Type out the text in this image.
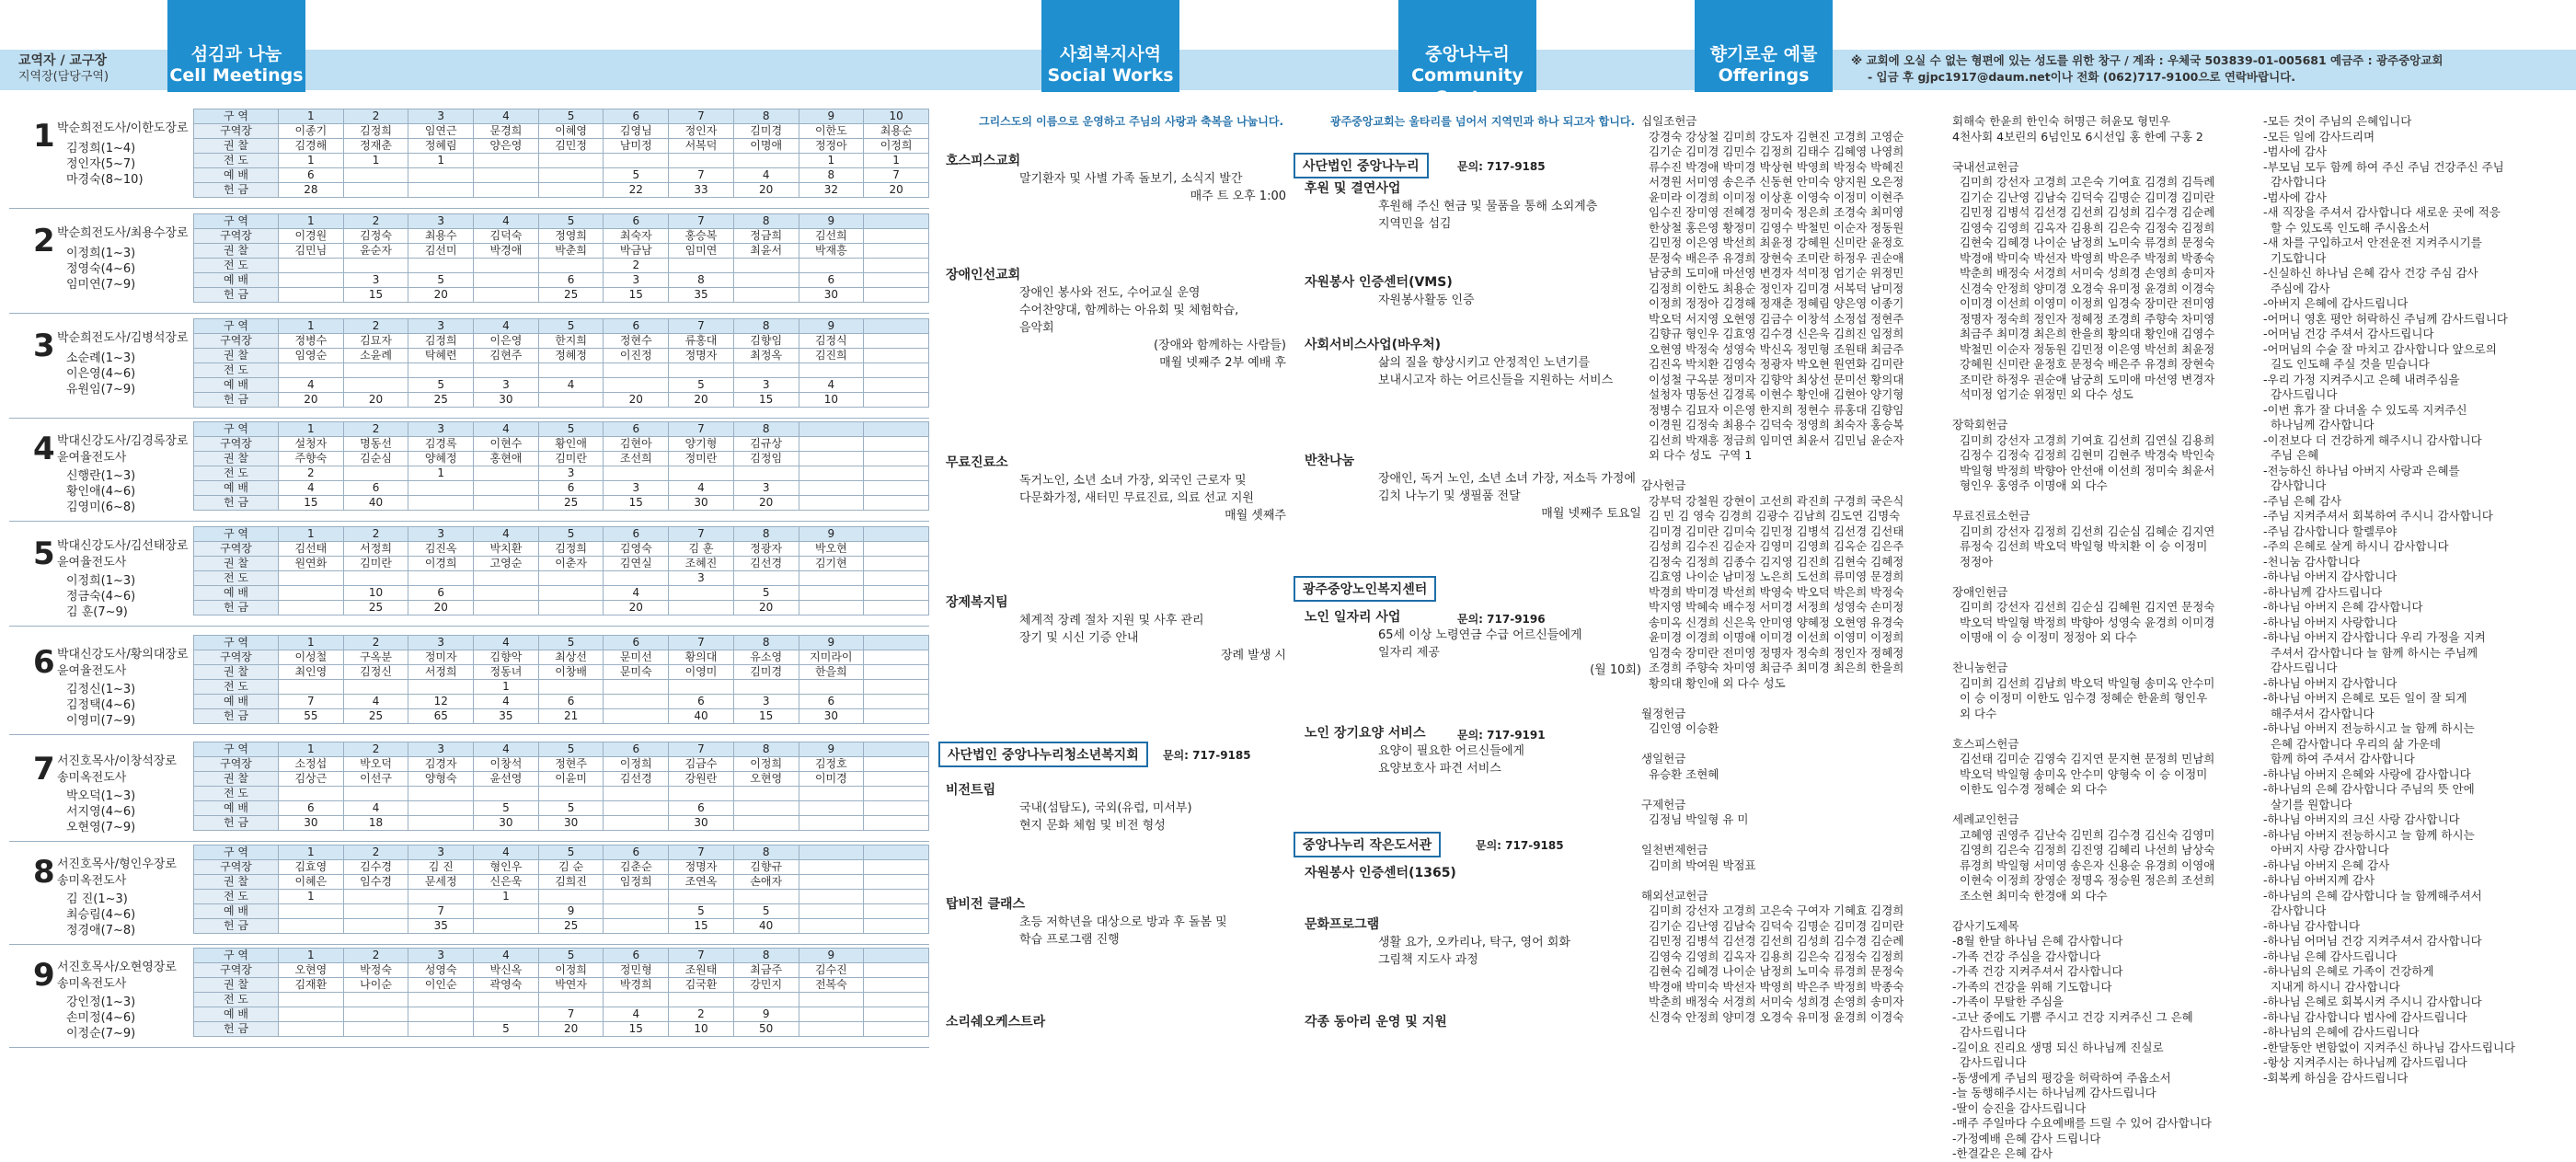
교역자 / 교구장
지역장(담당구역)
섬김과 나눔
Cell Meetings
사회복지사역
Social Works
중앙나누리
Community Center
향기로운 예물
Offerings
※ 교회에 오실 수 없는 형편에 있는 성도를 위한 창구 / 계좌 : 우체국 503839-01-005681 예금주 : 광주중앙교회
- 입금 후 gjpc1917@daum.net이나 전화 (062)717-9100으로 연락바랍니다.
1 박순희전도사/이한도장로
김정희(1~4)
정인자(5~7)
마경숙(8~10)
구 역	1	2	3	4	5	6	7	8	9	10
구역장	이종기	김정희	임연근	문경희	이혜영	김영님	정인자	김미경	이한도	최용순
권 찰	김경해	정재춘	정혜림	양은영	김민정	남미정	서복덕	이명애	정정아	이정희
전 도	1	1	1						1	1
예 배	6					5	7	4	8	7
헌 금	28					22	33	20	32	20
2 박순희전도사/최용수장로
이정희(1~3)
정영숙(4~6)
임미연(7~9)
구 역	1	2	3	4	5	6	7	8	9	
구역장	이경원	김정숙	최용수	김덕숙	정영희	최숙자	홍승복	정금희	김선희	
권 찰	김민님	윤순자	김선미	박경애	박춘희	박금남	임미연	최윤서	박재흥	
전 도						2				
예 배		3	5		6	3	8		6	
헌 금		15	20		25	15	35		30	
3 박순희전도사/김병석장로
소순례(1~3)
이은영(4~6)
유원임(7~9)
구 역	1	2	3	4	5	6	7	8	9	
구역장	정병수	김묘자	김정희	이은영	한지희	정현수	류홍대	김향임	김정식	
권 찰	임영순	소윤례	탁혜련	김현주	정혜정	이진정	정명자	최정옥	김진희	
전 도										
예 배	4		5	3	4		5	3	4	
헌 금	20	20	25	30		20	20	15	10	
4 박대신강도사/김경록장로
윤여율전도사
신행란(1~3)
황인애(4~6)
김영미(6~8)
구 역	1	2	3	4	5	6	7	8		
구역장	설청자	명동선	김경록	이현수	황인애	김현아	양기형	김규상		
권 찰	주향숙	김순심	양혜정	홍현애	김미란	조선희	정미란	김정임		
전 도	2		1		3					
예 배	4	6			6	3	4	3		
헌 금	15	40			25	15	30	20		
5 박대신강도사/김선태장로
윤여율전도사
이정희(1~3)
정금숙(4~6)
김 훈(7~9)
구 역	1	2	3	4	5	6	7	8	9	
구역장	김선태	서정희	김진옥	박치환	김정희	김영숙	김 훈	정광자	박오현	
권 찰	원연화	김미란	이경희	고영순	이춘자	김연실	조혜진	김선경	김기현	
전 도							3			
예 배		10	6			4		5		
헌 금		25	20			20		20		
6 박대신강도사/황의대장로
윤여율전도사
김정신(1~3)
김정택(4~6)
이영미(7~9)
구 역	1	2	3	4	5	6	7	8	9	
구역장	이성철	구옥분	정미자	김향악	최상선	문미선	황의대	유소영	지미라이	
권 찰	최인영	김정신	서정희	정동녀	이창배	문미숙	이영미	김미경	한을희	
전 도				1						
예 배	7	4	12	4	6		6	3	6	
헌 금	55	25	65	35	21		40	15	30	
7 서진호목사/이창석장로
송미옥전도사
박오덕(1~3)
서지영(4~6)
오현영(7~9)
구 역	1	2	3	4	5	6	7	8	9	
구역장	소정섭	박오덕	김경자	이창석	정현주	이정희	김금수	이정희	김정호	
권 찰	김상근	이선구	양형숙	윤선영	이윤미	김선경	강원란	오현영	이미경	
전 도										
예 배	6	4		5	5		6			
헌 금	30	18		30	30		30			
8 서진호목사/형인우장로
송미옥전도사
김 진(1~3)
최승림(4~6)
정경애(7~8)
구 역	1	2	3	4	5	6	7	8		
구역장	김효영	김수경	김 진	형인우	김 순	김춘순	정명자	김향규		
권 찰	이혜은	임수경	문세정	신은욱	김희진	임정희	조연옥	손애자		
전 도	1			1						
예 배			7		9		5	5		
헌 금			35		25		15	40		
9 서진호목사/오현영장로
송미옥전도사
강인정(1~3)
손미정(4~6)
이정순(7~9)
구 역	1	2	3	4	5	6	7	8	9	
구역장	오현영	박정숙	성영숙	박신옥	이정희	정민형	조원태	최금주	김수진	
권 찰	김재환	나이순	이인순	곽영숙	박연자	박경희	김국환	강민지	전복숙	
전 도										
예 배					7	4	2	9		
헌 금				5	20	15	10	50		
그리스도의 이름으로 운영하고 주님의 사랑과 축복을 나눕니다.
호스피스교회
말기환자 및 사별 가족 돌보기, 소식지 발간
매주 트 오후 1:00
장애인선교회
장애인 봉사와 전도, 수어교실 운영
수어찬양대, 함께하는 아유회 및 체험학습,
음악회
(장애와 함께하는 사람들)
매월 넷째주 2부 예배 후
무료진료소
독거노인, 소년 소녀 가장, 외국인 근로자 및
다문화가정, 새터민 무료진료, 의료 선교 지원
매월 셋째주
장제복지팀
체계적 장례 절차 지원 및 사후 관리
장기 및 시신 기증 안내
장례 발생 시
사단법인 중앙나누리청소년복지회	문의: 717-9185
비전트립
국내(섬탐도), 국외(유럽, 미서부)
현지 문화 체험 및 비전 형성
탑비전 클래스
초등 저학년을 대상으로 방과 후 돌봄 및
학습 프로그램 진행
소리쉐오케스트라
광주중앙교회는 울타리를 넘어서 지역민과 하나 되고자 합니다.
사단법인 중앙나누리	문의: 717-9185
후원 및 결연사업
후원해 주신 현금 및 물품을 통해 소외계층
지역민을 섬김
자원봉사 인증센터(VMS)
자원봉사활동 인증
사회서비스사업(바우처)
삶의 질을 향상시키고 안정적인 노년기를
보내시고자 하는 어르신들을 지원하는 서비스
반찬나눔
장애인, 독거 노인, 소년 소녀 가장, 저소득 가정에
김치 나누기 및 생필품 전달
매월 넷째주 토요일
광주중앙노인복지센터
노인 일자리 사업
65세 이상 노령연금 수급 어르신들에게
일자리 제공
(월 10회)
문의: 717-9196
노인 장기요양 서비스
요양이 필요한 어르신들에게
요양보호사 파견 서비스
문의: 717-9191
중앙나누리 작은도서관	문의: 717-9185
자원봉사 인증센터(1365)
문화프로그램
생활 요가, 오카리나, 탁구, 영어 회화
그림책 지도사 과정
각종 동아리 운영 및 지원
십일조헌금
강경숙 강상철 김미희 강도자 김현진 고경희 고영순
김기순 김미경 김민수 김정희 김태수 김혜영 나영희
류수진 박경애 박미경 박상현 박영희 박정숙 박혜진
서경원 서미영 송은주 신동현 안미숙 양지원 오은정
윤미라 이경희 이미정 이상훈 이영숙 이정미 이현주
임수진 장미영 전혜경 정미숙 정은희 조경숙 최미영
한상철 홍은영 황정미 김영수 박철민 이순자 정동원
김민정 이은영 박선희 최윤정 강혜원 신미란 윤정호
문정숙 배은주 유경희 장현숙 조미란 하정우 권순애
남궁희 도미애 마선영 변경자 석미정 엄기순 위정민
김정희 이한도 최용순 정인자 김미경 서복덕 남미정
이정희 정정아 김경해 정재춘 정혜림 양은영 이종기
박오덕 서지영 오현영 김금수 이창석 소정섭 정현주
김향규 형인우 김효영 김수경 신은욱 김희진 임정희
오현영 박정숙 성영숙 박신옥 정민형 조원태 최금주
김진옥 박치환 김영숙 정광자 박오현 원연화 김미란
이성철 구옥분 정미자 김향악 최상선 문미선 황의대
설청자 명동선 김경록 이현수 황인애 김현아 양기형
정병수 김묘자 이은영 한지희 정현수 류홍대 김향임
이경원 김정숙 최용수 김덕숙 정영희 최숙자 홍승복
김선희 박재흥 정금희 임미연 최윤서 김민님 윤순자
외 다수 성도  구역 1

감사헌금
강부덕 강철원 강현이 고선희 곽진희 구경희 국은식
김 민 김 영숙 김경희 김광수 김남희 김도연 김명숙
김미경 김미란 김미숙 김민정 김병석 김선경 김선태
김성희 김수진 김순자 김영미 김영희 김옥순 김은주
김정숙 김정희 김종수 김지영 김진희 김현숙 김혜정
김효영 나이순 남미정 노은희 도선희 류미영 문경희
박경희 박미경 박선희 박영숙 박오덕 박은희 박정숙
박지영 박혜숙 배수정 서미경 서정희 성영숙 손미정
송미옥 신경희 신은욱 안미영 양혜정 오현영 유경숙
윤미경 이경희 이명애 이미경 이선희 이영미 이정희
임경숙 장미란 전미영 정명자 정숙희 정인자 정혜정
조경희 주향숙 차미영 최금주 최미경 최은희 한을희
황의대 황인애 외 다수 성도

월정헌금
김인영 이승환

생일헌금
유승환 조현혜

구제헌금
김정님 박일형 유 미

일천번제헌금
김미희 박여원 박점표

해외선교헌금
김미희 강선자 고경희 고은숙 구여자 기혜효 김경희
김기순 김난영 김남숙 김덕숙 김명순 김미경 김미란
김민정 김병석 김선경 김선희 김성희 김수경 김순례
김영숙 김영희 김옥자 김용희 김은숙 김정숙 김정희
김현숙 김혜경 나이순 남정희 노미숙 류경희 문정숙
박경애 박미숙 박선자 박영희 박은주 박정희 박종숙
박춘희 배정숙 서경희 서미숙 성희경 손영희 송미자
신경숙 안정희 양미경 오경숙 유미정 윤경희 이경숙
회해숙 한윤희 한인숙 허명근 허윤모 형민우
4천사회 4보린의 6넘인모 6시선입 홍 한예 구홍 2

국내선교헌금
김미희 강선자 고경희 고은숙 기여효 김경희 김득례
김기순 김난영 김남숙 김덕숙 김명순 김미경 김미란
김민정 김병석 김선경 김선희 김성희 김수경 김순례
김영숙 김영희 김옥자 김용희 김은숙 김정숙 김정희
김현숙 김혜경 나이순 남정희 노미숙 류경희 문정숙
박경애 박미숙 박선자 박영희 박은주 박정희 박종숙
박춘희 배정숙 서경희 서미숙 성희경 손영희 송미자
신경숙 안정희 양미경 오경숙 유미정 윤경희 이경숙
이미경 이선희 이영미 이정희 임경숙 장미란 전미영
정명자 정숙희 정인자 정혜정 조경희 주향숙 차미영
최금주 최미경 최은희 한을희 황의대 황인애 김영수
박철민 이순자 정동원 김민정 이은영 박선희 최윤정
강혜원 신미란 윤정호 문정숙 배은주 유경희 장현숙
조미란 하정우 권순애 남궁희 도미애 마선영 변경자
석미정 엄기순 위정민 외 다수 성도

장학회헌금
김미희 강선자 고경희 기여효 김선희 김연실 김용희
김정수 김정숙 김정희 김현미 김현주 박경숙 박인숙
박일형 박정희 박향아 안선애 이선희 정미숙 최윤서
형인우 홍영주 이명애 외 다수

무료진료소헌금
김미희 강선자 김정희 김선희 김순심 김혜순 김지연
류정숙 김선희 박오덕 박일형 박치환 이 승 이정미
정정아

장애인헌금
김미희 강선자 김선희 김순심 김혜원 김지연 문정숙
박오덕 박일형 박정희 박향아 성영숙 윤경희 이미경
이명애 이 승 이정미 정정아 외 다수

찬니눔헌금
김미희 김선희 김남희 박오덕 박일형 송미옥 안수미
이 승 이정미 이한도 임수경 정혜순 한윤희 형인우
외 다수

호스피스헌금
김선태 김미순 김영숙 김지연 문지현 문정희 민남희
박오덕 박일형 송미옥 안수미 양형숙 이 승 이정미
이한도 임수경 정혜순 외 다수

세례교인헌금
고혜영 권영주 김난숙 김민희 김수경 김신숙 김영미
김영희 김은숙 김정희 김진영 김혜리 나선희 남상숙
류경희 박일형 서미영 송은자 신용순 유경희 이영애
이현숙 이정희 장영순 정명옥 정승원 정은희 조선희
조소현 최미숙 한경애 외 다수

감사기도제목
-8월 한달 하나님 은혜 감사합니다
-가족 건강 주심을 감사합니다
-가족 건강 지켜주셔서 감사합니다
-가족의 건강을 위해 기도합니다
-가족이 무탈한 주심을
-고난 중에도 기쁨 주시고 건강 지켜주신 그 은혜
감사드립니다
-길이요 진리요 생명 되신 하나님께 진실로
감사드립니다
-동생에게 주님의 평강을 허락하여 주옵소서
-늘 동행해주시는 하나님께 감사드립니다
-딸이 승진을 감사드립니다
-매주 주일마다 수요예배를 드릴 수 있어 감사합니다
-가정예배 은혜 감사 드립니다
-한결같은 은혜 감사
-모든 것이 주님의 은혜입니다
-모든 일에 감사드리며
-범사에 감사
-부모님 모두 함께 하여 주신 주님 건강주신 주님
감사합니다
-범사에 감사
-새 직장을 주셔서 감사합니다 새로운 곳에 적응
할 수 있도록 인도해 주시옵소서
-새 차를 구입하고서 안전운전 지켜주시기를
기도합니다
-신실하신 하나님 은혜 감사 건강 주심 감사
주심에 감사
-아버지 은혜에 감사드립니다
-어머니 영혼 평안 허락하신 주님께 감사드립니다
-어머님 건강 주셔서 감사드립니다
-어머님의 수술 잘 마치고 감사합니다 앞으로의
길도 인도해 주실 것을 믿습니다
-우리 가정 지켜주시고 은혜 내려주심을
감사드립니다
-이번 휴가 잘 다녀올 수 있도록 지켜주신
하나님께 감사합니다
-이전보다 더 건강하게 해주시니 감사합니다
주님 은혜
-전능하신 하나님 아버지 사랑과 은혜를
감사합니다
-주님 은혜 감사
-주님 지켜주셔서 회복하여 주시니 감사합니다
-주님 감사합니다 할렐루야
-주의 은혜로 살게 하시니 감사합니다
-천니눔 감사합니다
-하나님 아버지 감사합니다
-하나님께 감사드립니다
-하나님 아버지 은혜 감사합니다
-하나님 아버지 사랑합니다
-하나님 아버지 감사합니다 우리 가정을 지켜
주셔서 감사합니다 늘 함께 하시는 주님께
감사드립니다
-하나님 아버지 감사합니다
-하나님 아버지 은혜로 모든 일이 잘 되게
해주셔서 감사합니다
-하나님 아버지 전능하시고 늘 함께 하시는
은혜 감사합니다 우리의 삶 가운데
함께 하여 주셔서 감사합니다
-하나님 아버지 은혜와 사랑에 감사합니다
-하나님의 은혜 감사합니다 주님의 뜻 안에
살기를 원합니다
-하나님 아버지의 크신 사랑 감사합니다
-하나님 아버지 전능하시고 늘 함께 하시는
아버지 사랑 감사합니다
-하나님 아버지 은혜 감사
-하나님 아버지께 감사
-하나님의 은혜 감사합니다 늘 함께해주셔서
감사합니다
-하나님 감사합니다
-하나님 어머님 건강 지켜주셔서 감사합니다
-하나님 은혜 감사드립니다
-하나님의 은혜로 가족이 건강하게
지내게 하시니 감사합니다
-하나님 은혜로 회복시켜 주시니 감사합니다
-하나님 감사합니다 범사에 감사드립니다
-하나님의 은혜에 감사드립니다
-한달동안 변함없이 지켜주신 하나님 감사드립니다
-항상 지켜주시는 하나님께 감사드립니다
-회복케 하심을 감사드립니다
